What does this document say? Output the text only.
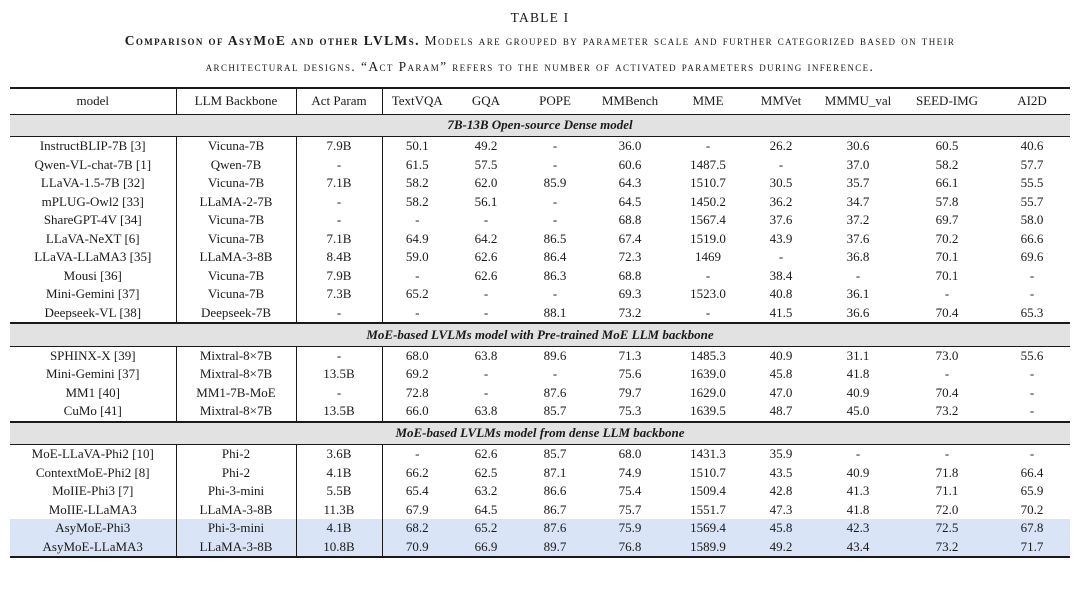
TABLE I
Comparison of AsyMoE and other LVLMs. Models are grouped by parameter scale and further categorized based on their
architectural designs. “Act Param” refers to the number of activated parameters during inference.
model	LLM Backbone	Act Param	TextVQA	GQA	POPE	MMBench	MME	MMVet	MMMU_val	SEED-IMG	AI2D
7B-13B Open-source Dense model											
InstructBLIP-7B [3]	Vicuna-7B	7.9B	50.1	49.2	-	36.0	-	26.2	30.6	60.5	40.6
Qwen-VL-chat-7B [1]	Qwen-7B	-	61.5	57.5	-	60.6	1487.5	-	37.0	58.2	57.7
LLaVA-1.5-7B [32]	Vicuna-7B	7.1B	58.2	62.0	85.9	64.3	1510.7	30.5	35.7	66.1	55.5
mPLUG-Owl2 [33]	LLaMA-2-7B	-	58.2	56.1	-	64.5	1450.2	36.2	34.7	57.8	55.7
ShareGPT-4V [34]	Vicuna-7B	-	-	-	-	68.8	1567.4	37.6	37.2	69.7	58.0
LLaVA-NeXT [6]	Vicuna-7B	7.1B	64.9	64.2	86.5	67.4	1519.0	43.9	37.6	70.2	66.6
LLaVA-LLaMA3 [35]	LLaMA-3-8B	8.4B	59.0	62.6	86.4	72.3	1469	-	36.8	70.1	69.6
Mousi [36]	Vicuna-7B	7.9B	-	62.6	86.3	68.8	-	38.4	-	70.1	-
Mini-Gemini [37]	Vicuna-7B	7.3B	65.2	-	-	69.3	1523.0	40.8	36.1	-	-
Deepseek-VL [38]	Deepseek-7B	-	-	-	88.1	73.2	-	41.5	36.6	70.4	65.3
MoE-based LVLMs model with Pre-trained MoE LLM backbone											
SPHINX-X [39]	Mixtral-8×7B	-	68.0	63.8	89.6	71.3	1485.3	40.9	31.1	73.0	55.6
Mini-Gemini [37]	Mixtral-8×7B	13.5B	69.2	-	-	75.6	1639.0	45.8	41.8	-	-
MM1 [40]	MM1-7B-MoE	-	72.8	-	87.6	79.7	1629.0	47.0	40.9	70.4	-
CuMo [41]	Mixtral-8×7B	13.5B	66.0	63.8	85.7	75.3	1639.5	48.7	45.0	73.2	-
MoE-based LVLMs model from dense LLM backbone											
MoE-LLaVA-Phi2 [10]	Phi-2	3.6B	-	62.6	85.7	68.0	1431.3	35.9	-	-	-
ContextMoE-Phi2 [8]	Phi-2	4.1B	66.2	62.5	87.1	74.9	1510.7	43.5	40.9	71.8	66.4
MoIIE-Phi3 [7]	Phi-3-mini	5.5B	65.4	63.2	86.6	75.4	1509.4	42.8	41.3	71.1	65.9
MoIIE-LLaMA3	LLaMA-3-8B	11.3B	67.9	64.5	86.7	75.7	1551.7	47.3	41.8	72.0	70.2
AsyMoE-Phi3	Phi-3-mini	4.1B	68.2	65.2	87.6	75.9	1569.4	45.8	42.3	72.5	67.8
AsyMoE-LLaMA3	LLaMA-3-8B	10.8B	70.9	66.9	89.7	76.8	1589.9	49.2	43.4	73.2	71.7
